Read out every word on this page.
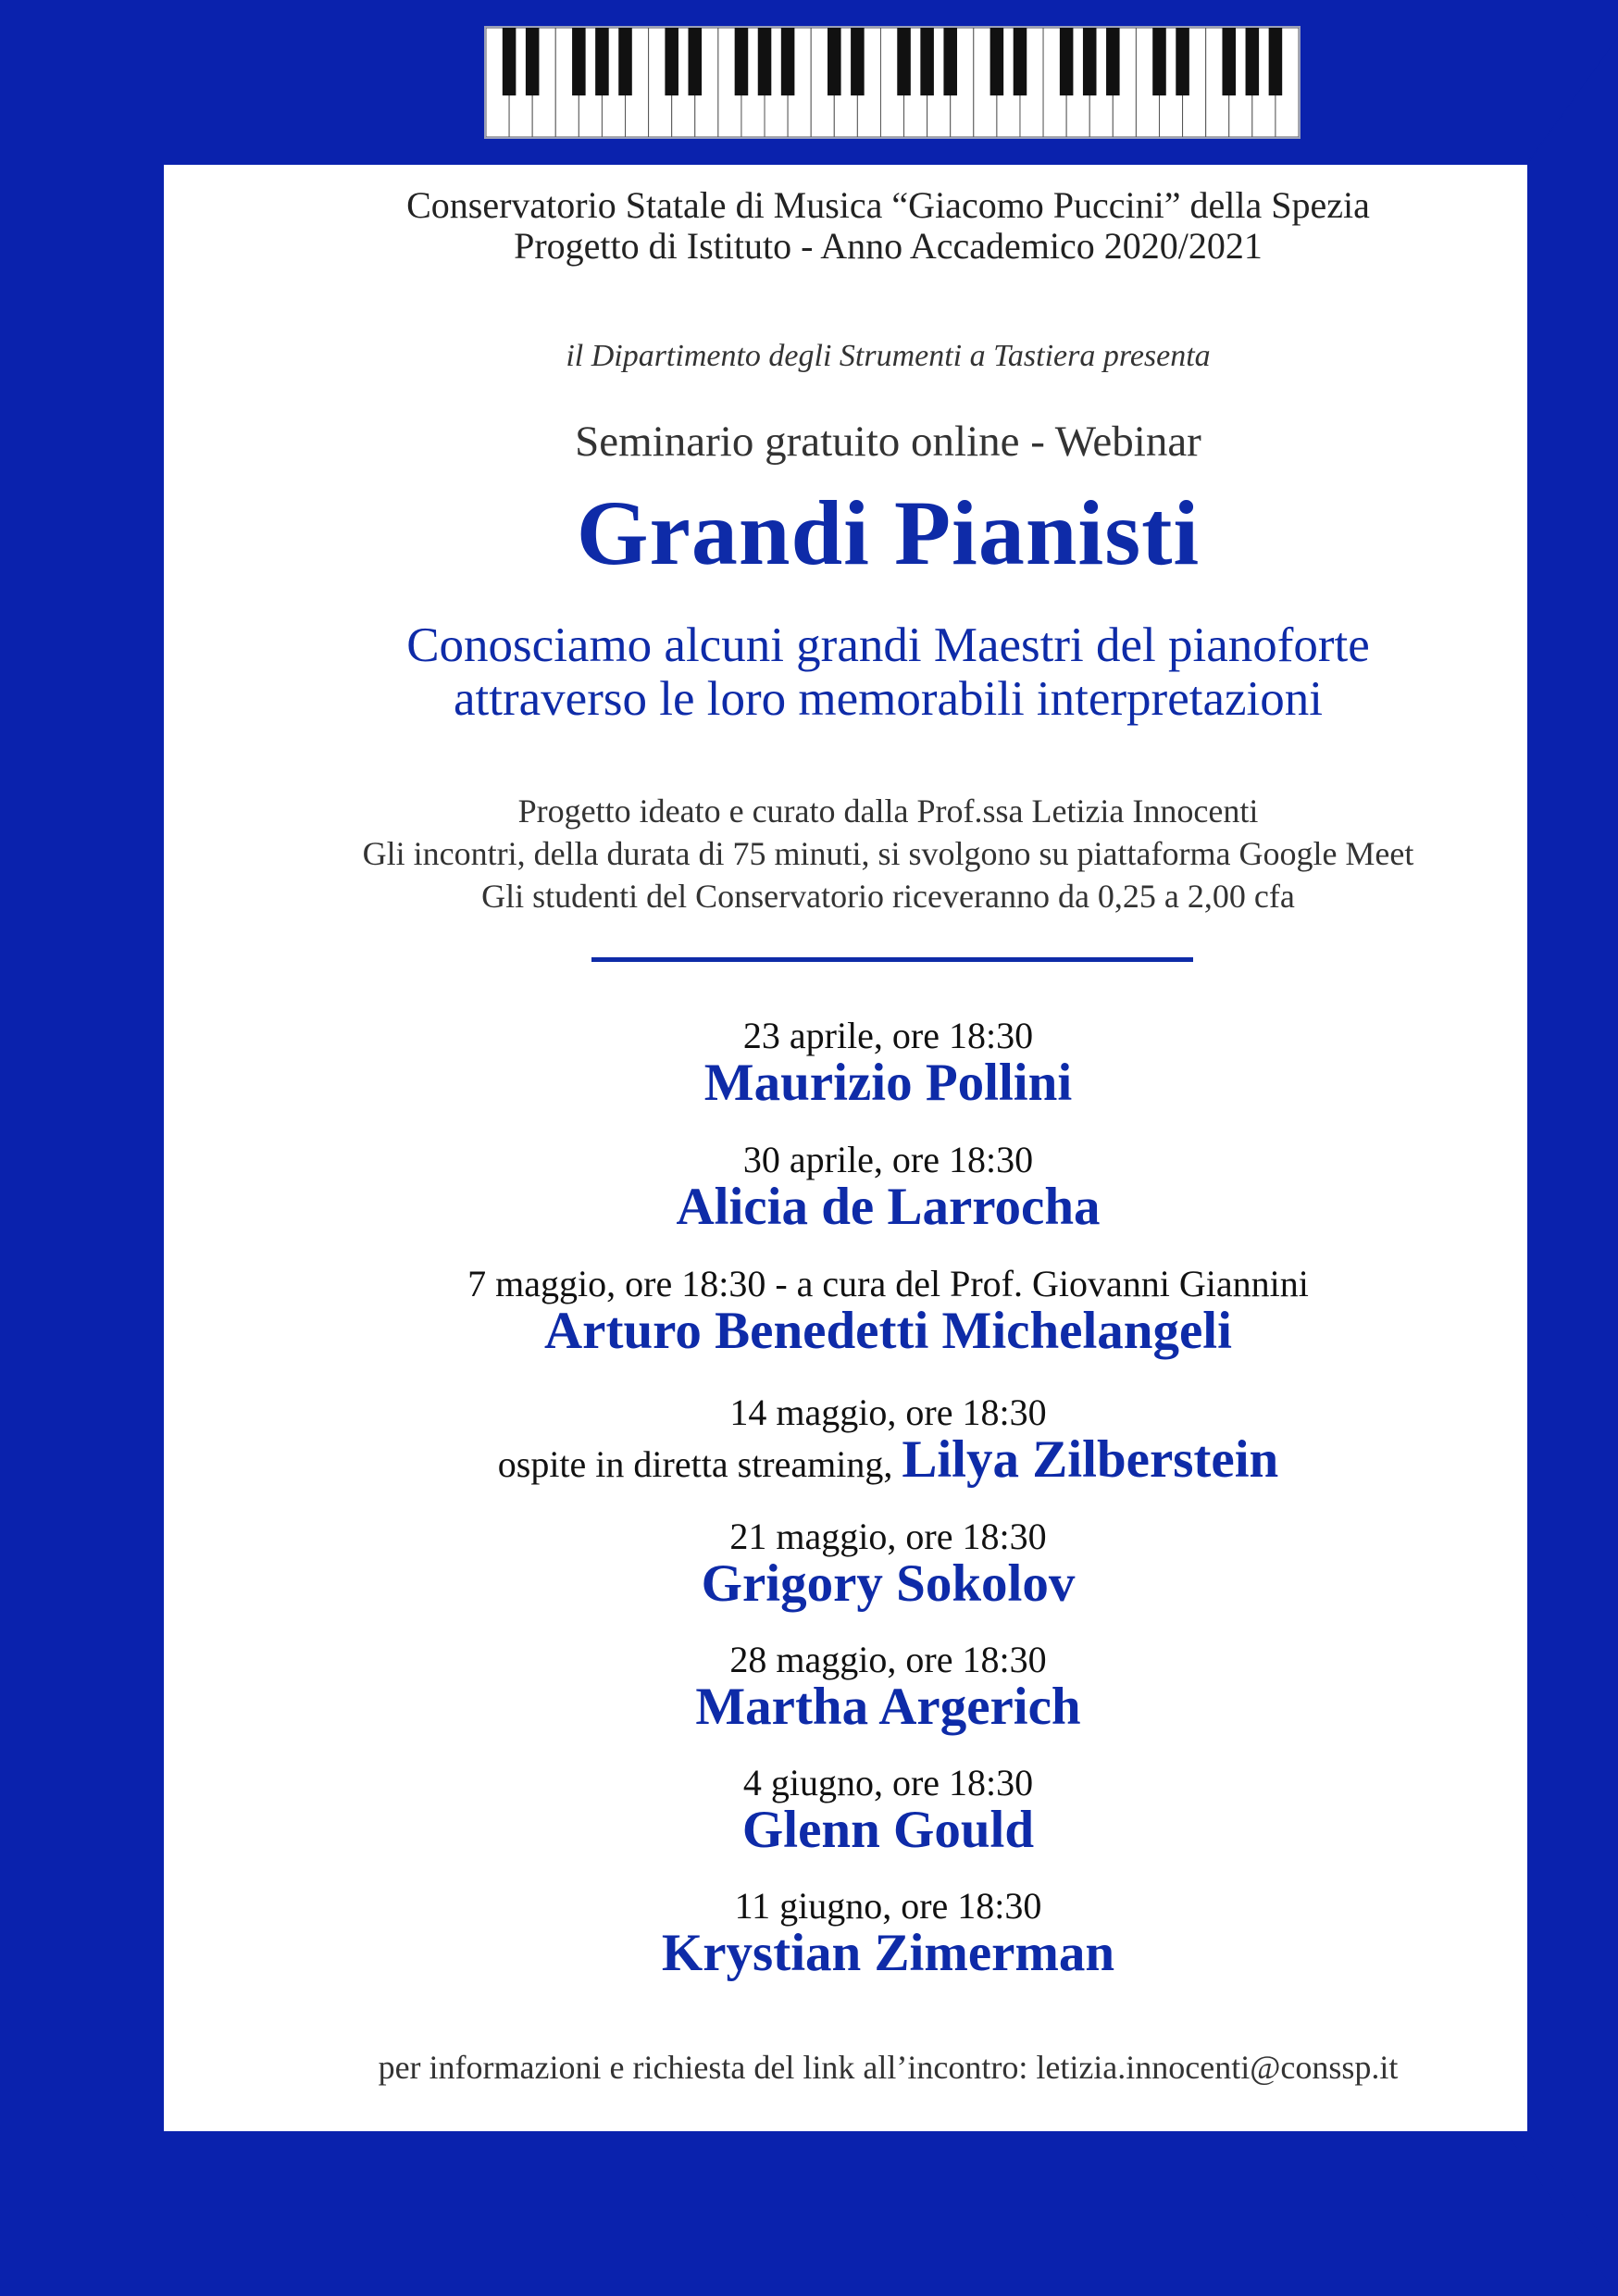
Conservatorio Statale di Musica “Giacomo Puccini” della Spezia
Progetto di Istituto - Anno Accademico 2020/2021
il Dipartimento degli Strumenti a Tastiera presenta
Seminario gratuito online - Webinar
Grandi Pianisti
Conosciamo alcuni grandi Maestri del pianoforte
attraverso le loro memorabili interpretazioni
Progetto ideato e curato dalla Prof.ssa Letizia Innocenti
Gli incontri, della durata di 75 minuti, si svolgono su piattaforma Google Meet
Gli studenti del Conservatorio riceveranno da 0,25 a 2,00 cfa
23 aprile, ore 18:30
Maurizio Pollini
30 aprile, ore 18:30
Alicia de Larrocha
7 maggio, ore 18:30 - a cura del Prof. Giovanni Giannini
Arturo Benedetti Michelangeli
14 maggio, ore 18:30
ospite in diretta streaming, Lilya Zilberstein
21 maggio, ore 18:30
Grigory Sokolov
28 maggio, ore 18:30
Martha Argerich
4 giugno, ore 18:30
Glenn Gould
11 giugno, ore 18:30
Krystian Zimerman
per informazioni e richiesta del link all’incontro: letizia.innocenti@conssp.it
